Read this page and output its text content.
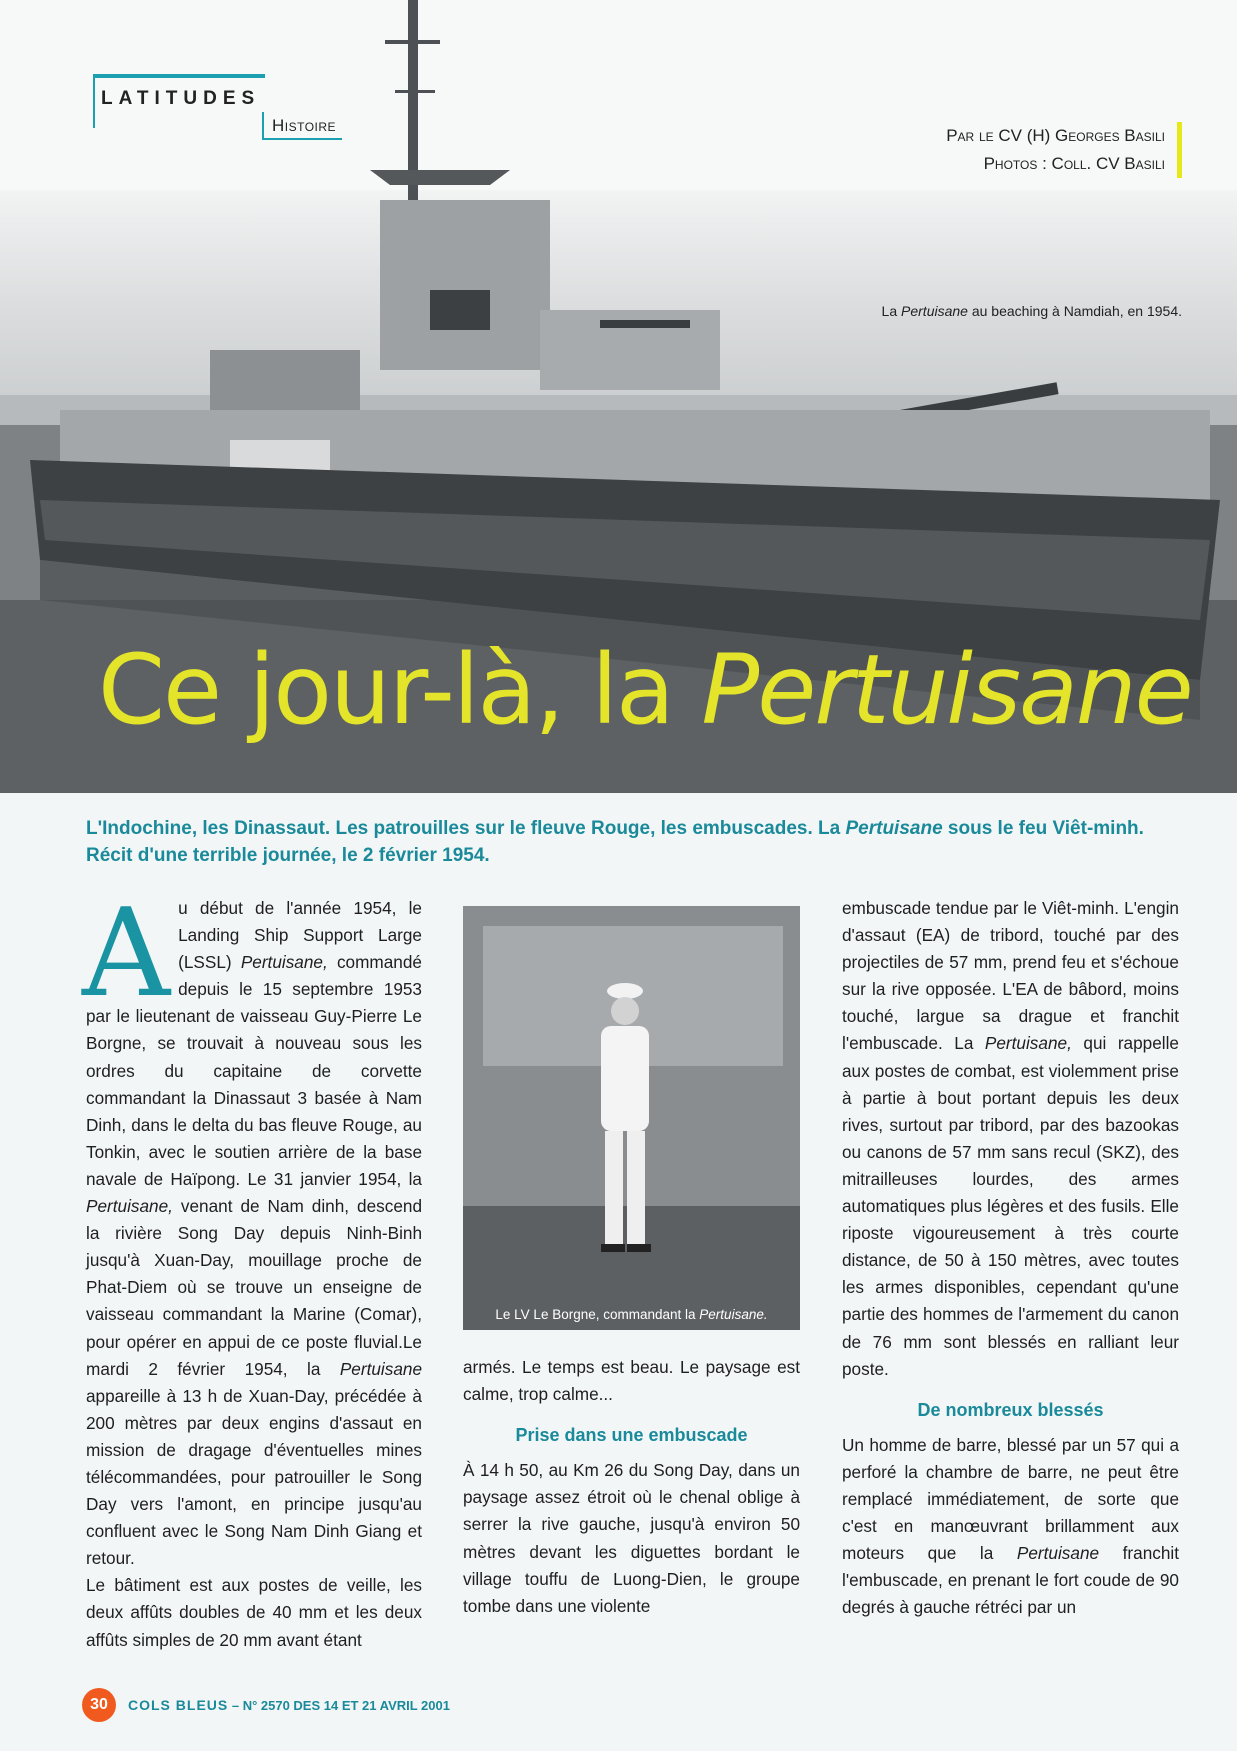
LATITUDES
Histoire
Par le CV (H) Georges Basili
Photos : Coll. CV Basili
La Pertuisane au beaching à Namdiah, en 1954.
Ce jour-là, la Pertuisane
L'Indochine, les Dinassaut. Les patrouilles sur le fleuve Rouge, les embuscades. La Pertuisane sous le feu Viêt-minh. Récit d'une terrible journée, le 2 février 1954.

Au début de l'année 1954, le Landing Ship Support Large (LSSL) Pertuisane, commandé depuis le 15 septembre 1953 par le lieutenant de vaisseau Guy-Pierre Le Borgne, se trouvait à nouveau sous les ordres du capitaine de corvette commandant la Dinassaut 3 basée à Nam Dinh, dans le delta du bas fleuve Rouge, au Tonkin, avec le soutien arrière de la base navale de Haïpong. Le 31 janvier 1954, la Pertuisane, venant de Nam dinh, descend la rivière Song Day depuis Ninh-Binh jusqu'à Xuan-Day, mouillage proche de Phat-Diem où se trouve un enseigne de vaisseau commandant la Marine (Comar), pour opérer en appui de ce poste fluvial.Le mardi 2 février 1954, la Pertuisane appareille à 13 h de Xuan-Day, précédée à 200 mètres par deux engins d'assaut en mission de dragage d'éventuelles mines télécommandées, pour patrouiller le Song Day vers l'amont, en principe jusqu'au confluent avec le Song Nam Dinh Giang et retour.

Le bâtiment est aux postes de veille, les deux affûts doubles de 40 mm et les deux affûts simples de 20 mm avant étant

Le LV Le Borgne, commandant la Pertuisane.

armés. Le temps est beau. Le paysage est calme, trop calme...

Prise dans une embuscade

À 14 h 50, au Km 26 du Song Day, dans un paysage assez étroit où le chenal oblige à serrer la rive gauche, jusqu'à environ 50 mètres devant les diguettes bordant le village touffu de Luong-Dien, le groupe tombe dans une violente

embuscade tendue par le Viêt-minh. L'engin d'assaut (EA) de tribord, touché par des projectiles de 57 mm, prend feu et s'échoue sur la rive opposée. L'EA de bâbord, moins touché, largue sa drague et franchit l'embuscade. La Pertuisane, qui rappelle aux postes de combat, est violemment prise à partie à bout portant depuis les deux rives, surtout par tribord, par des bazookas ou canons de 57 mm sans recul (SKZ), des mitrailleuses lourdes, des armes automatiques plus légères et des fusils. Elle riposte vigoureusement à très courte distance, de 50 à 150 mètres, avec toutes les armes disponibles, cependant qu'une partie des hommes de l'armement du canon de 76 mm sont blessés en ralliant leur poste.

De nombreux blessés

Un homme de barre, blessé par un 57 qui a perforé la chambre de barre, ne peut être remplacé immédiatement, de sorte que c'est en manœuvrant brillamment aux moteurs que la Pertuisane franchit l'embuscade, en prenant le fort coude de 90 degrés à gauche rétréci par un

30	COLS BLEUS – N° 2570 DES 14 ET 21 AVRIL 2001
